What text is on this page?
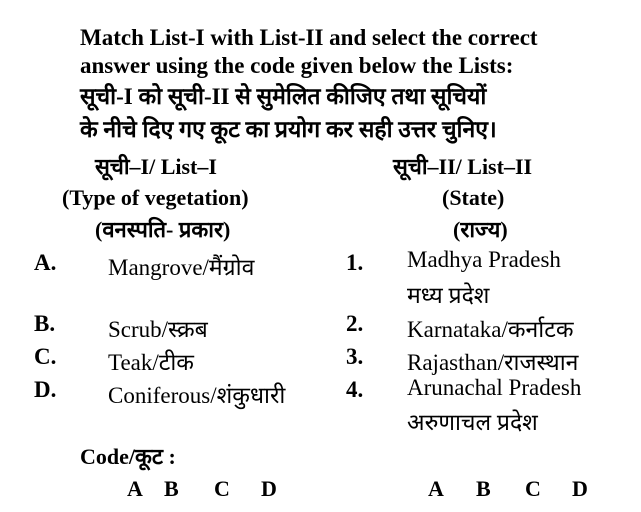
Match List-I with List-II and select the correct
answer using the code given below the Lists:
सूची-I को सूची-II से सुमेलित कीजिए तथा सूचियों
के नीचे दिए गए कूट का प्रयोग कर सही उत्तर चुनिए।
सूची–I/ List–I
(Type of vegetation)
(वनस्पति- प्रकार)
सूची–II/ List–II
(State)
(राज्य)
A. Mangrove/मैंग्रोव
B. Scrub/स्क्रब
C. Teak/टीक
D. Coniferous/शंकुधारी
1. Madhya Pradesh
मध्य प्रदेश
2. Karnataka/कर्नाटक
3. Rajasthan/राजस्थान
4. Arunachal Pradesh
अरुणाचल प्रदेश
Code/कूट :
A B C D	A B C D
